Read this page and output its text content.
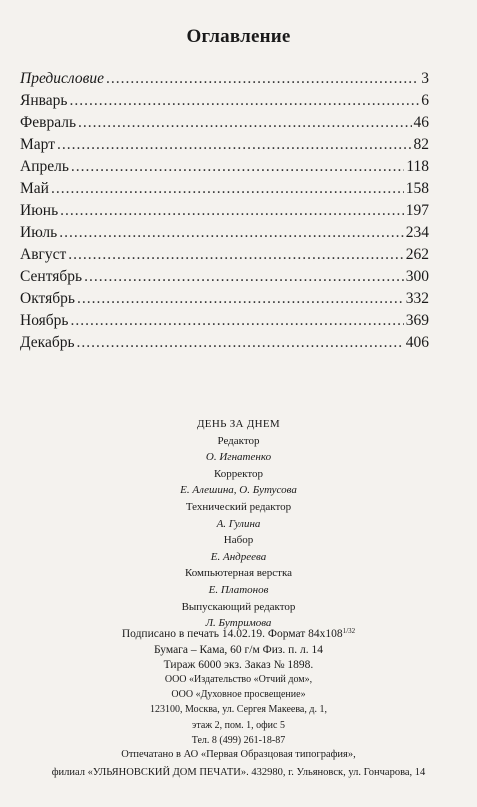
Оглавление
Предисловие .....	3
Январь .....	6
Февраль .....	46
Март .....	82
Апрель .....	118
Май .....	158
Июнь .....	197
Июль .....	234
Август .....	262
Сентябрь .....	300
Октябрь .....	332
Ноябрь .....	369
Декабрь .....	406
ДЕНЬ ЗА ДНЕМ
Редактор
О. Игнатенко
Корректор
Е. Алешина, О. Бутусова
Технический редактор
А. Гулина
Набор
Е. Андреева
Компьютерная верстка
Е. Платонов
Выпускающий редактор
Л. Бутримова
Подписано в печать 14.02.19. Формат $84х108^{1/32}$
Бумага – Кама, 60 г/м Физ. п. л. 14
Тираж 6000 экз. Заказ № 1898.
ООО «Издательство «Отчий дом»,
ООО «Духовное просвещение»
123100, Москва, ул. Сергея Макеева, д. 1,
этаж 2, пом. 1, офис 5
Тел. 8 (499) 261-18-87
Отпечатано в АО «Первая Образцовая типография»,
филиал «УЛЬЯНОВСКИЙ ДОМ ПЕЧАТИ». 432980, г. Ульяновск, ул. Гончарова, 14
